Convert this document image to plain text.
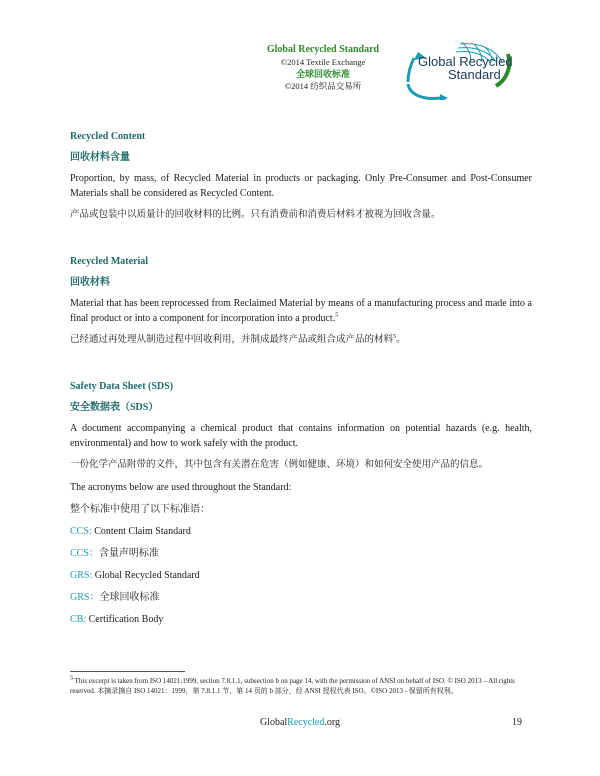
Global Recycled Standard
©2014 Textile Exchange
全球回收标准
©2014 纺织品交易所
Global Recycled
Standard

Recycled Content

回收材料含量

Proportion, by mass, of Recycled Material in products or packaging. Only Pre-Consumer and Post-Consumer Materials shall be considered as Recycled Content.

产品或包装中以质量计的回收材料的比例。只有消费前和消费后材料才被视为回收含量。

Recycled Material

回收材料

Material that has been reprocessed from Reclaimed Material by means of a manufacturing process and made into a final product or into a component for incorporation into a product.$^5$

已经通过再处理从制造过程中回收利用，并制成最终产品或组合成产品的材料$^5$。

Safety Data Sheet (SDS)

安全数据表（SDS）

A document accompanying a chemical product that contains information on potential hazards (e.g. health, environmental) and how to work safely with the product.

一份化学产品附带的文件，其中包含有关潜在危害（例如健康、环境）和如何安全使用产品的信息。

The acronyms below are used throughout the Standard:

整个标准中使用了以下标准语：

CCS: Content Claim Standard

CCS：含量声明标准

GRS: Global Recycled Standard

GRS：全球回收标准

CB: Certification Body

$^5$ This excerpt is taken from ISO 14021:1999, section 7.8.1.1, subsection b on page 14, with the permission of ANSI on behalf of ISO. © ISO 2013 – All rights reserved. 本摘录摘自 ISO 14021：1999，第 7.8.1.1 节，第 14 页的 b 部分，经 ANSI 授权代表 ISO。©ISO 2013 - 保留所有权利。
GlobalRecycled.org	19
